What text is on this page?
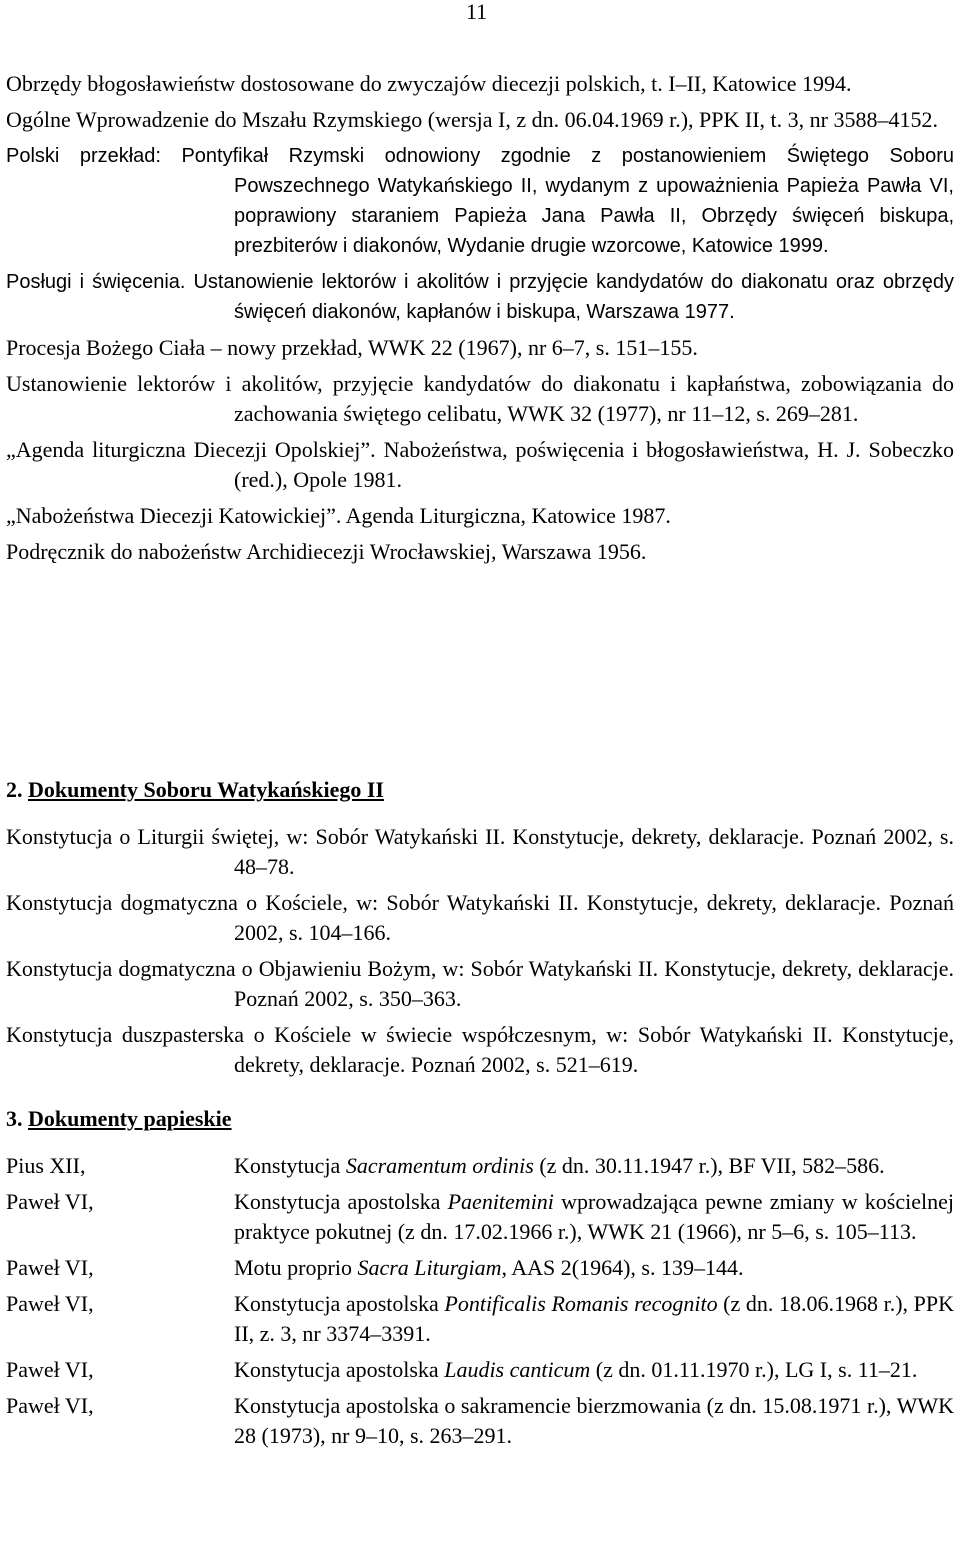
11
Obrzędy błogosławieństw dostosowane do zwyczajów diecezji polskich, t. I–II, Katowice 1994.
Ogólne Wprowadzenie do Mszału Rzymskiego (wersja I, z dn. 06.04.1969 r.), PPK II, t. 3, nr 3588–4152.
Polski przekład: Pontyfikał Rzymski odnowiony zgodnie z postanowieniem Świętego Soboru Powszechnego Watykańskiego II, wydanym z upoważnienia Papieża Pawła VI, poprawiony staraniem Papieża Jana Pawła II, Obrzędy święceń biskupa, prezbiterów i diakonów, Wydanie drugie wzorcowe, Katowice 1999.
Posługi i święcenia. Ustanowienie lektorów i akolitów i przyjęcie kandydatów do diakonatu oraz obrzędy święceń diakonów, kapłanów i biskupa, Warszawa 1977.
Procesja Bożego Ciała – nowy przekład, WWK 22 (1967), nr 6–7, s. 151–155.
Ustanowienie lektorów i akolitów, przyjęcie kandydatów do diakonatu i kapłaństwa, zobowiązania do zachowania świętego celibatu, WWK 32 (1977), nr 11–12, s. 269–281.
„Agenda liturgiczna Diecezji Opolskiej”. Nabożeństwa, poświęcenia i błogosławieństwa, H. J. Sobeczko (red.), Opole 1981.
„Nabożeństwa Diecezji Katowickiej”. Agenda Liturgiczna, Katowice 1987.
Podręcznik do nabożeństw Archidiecezji Wrocławskiej, Warszawa 1956.
2. Dokumenty Soboru Watykańskiego II
Konstytucja o Liturgii świętej, w: Sobór Watykański II. Konstytucje, dekrety, deklaracje. Poznań 2002, s. 48–78.
Konstytucja dogmatyczna o Kościele, w: Sobór Watykański II. Konstytucje, dekrety, deklaracje. Poznań 2002, s. 104–166.
Konstytucja dogmatyczna o Objawieniu Bożym, w: Sobór Watykański II. Konstytucje, dekrety, deklaracje. Poznań 2002, s. 350–363.
Konstytucja duszpasterska o Kościele w świecie współczesnym, w: Sobór Watykański II. Konstytucje, dekrety, deklaracje. Poznań 2002, s. 521–619.
3. Dokumenty papieskie
Pius XII,	Konstytucja Sacramentum ordinis (z dn. 30.11.1947 r.), BF VII, 582–586.
Paweł VI,	Konstytucja apostolska Paenitemini wprowadzająca pewne zmiany w kościelnej praktyce pokutnej (z dn. 17.02.1966 r.), WWK 21 (1966), nr 5–6, s. 105–113.
Paweł VI,	Motu proprio Sacra Liturgiam, AAS 2(1964), s. 139–144.
Paweł VI,	Konstytucja apostolska Pontificalis Romanis recognito (z dn. 18.06.1968 r.), PPK II, z. 3, nr 3374–3391.
Paweł VI,	Konstytucja apostolska Laudis canticum (z dn. 01.11.1970 r.), LG I, s. 11–21.
Paweł VI,	Konstytucja apostolska o sakramencie bierzmowania (z dn. 15.08.1971 r.), WWK 28 (1973), nr 9–10, s. 263–291.
